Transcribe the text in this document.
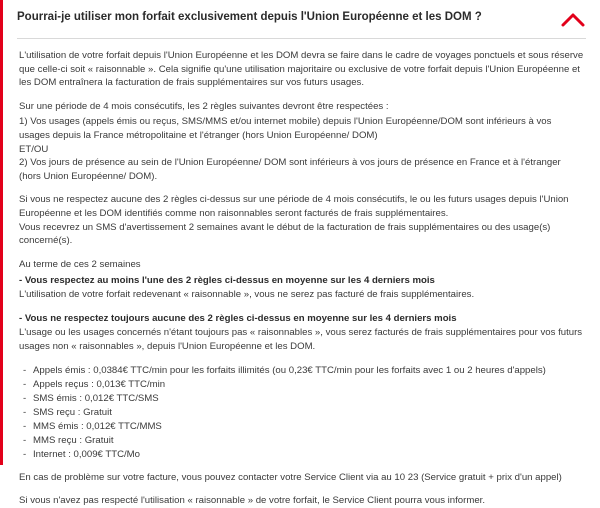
Pourrai-je utiliser mon forfait exclusivement depuis l'Union Européenne et les DOM ?

L'utilisation de votre forfait depuis l'Union Européenne et les DOM devra se faire dans le cadre de voyages ponctuels et sous réserve que celle-ci soit « raisonnable ». Cela signifie qu'une utilisation majoritaire ou exclusive de votre forfait depuis l'Union Européenne et les DOM entraînera la facturation de frais supplémentaires sur vos futurs usages.

Sur une période de 4 mois consécutifs, les 2 règles suivantes devront être respectées :

1) Vos usages (appels émis ou reçus, SMS/MMS et/ou internet mobile) depuis l'Union Européenne/DOM sont inférieurs à vos usages depuis la France métropolitaine et l'étranger (hors Union Européenne/ DOM)

ET/OU

2) Vos jours de présence au sein de l'Union Européenne/ DOM sont inférieurs à vos jours de présence en France et à l'étranger (hors Union Européenne/ DOM).

Si vous ne respectez aucune des 2 règles ci-dessus sur une période de 4 mois consécutifs, le ou les futurs usages depuis l'Union Européenne et les DOM identifiés comme non raisonnables seront facturés de frais supplémentaires.

Vous recevrez un SMS d'avertissement 2 semaines avant le début de la facturation de frais supplémentaires ou des usage(s) concerné(s).

Au terme de ces 2 semaines

- Vous respectez au moins l'une des 2 règles ci-dessus en moyenne sur les 4 derniers mois

L'utilisation de votre forfait redevenant « raisonnable », vous ne serez pas facturé de frais supplémentaires.

- Vous ne respectez toujours aucune des 2 règles ci-dessus en moyenne sur les 4 derniers mois

L'usage ou les usages concernés n'étant toujours pas « raisonnables », vous serez facturés de frais supplémentaires pour vos futurs usages non « raisonnables », depuis l'Union Européenne et les DOM.

- Appels émis : 0,0384€ TTC/min pour les forfaits illimités (ou 0,23€ TTC/min pour les forfaits avec 1 ou 2 heures d'appels)
- Appels reçus : 0,013€ TTC/min
- SMS émis : 0,012€ TTC/SMS
- SMS reçu : Gratuit
- MMS émis : 0,012€ TTC/MMS
- MMS reçu : Gratuit
- Internet : 0,009€ TTC/Mo

En cas de problème sur votre facture, vous pouvez contacter votre Service Client via au 10 23 (Service gratuit + prix d'un appel)

Si vous n'avez pas respecté l'utilisation « raisonnable » de votre forfait, le Service Client pourra vous informer.
